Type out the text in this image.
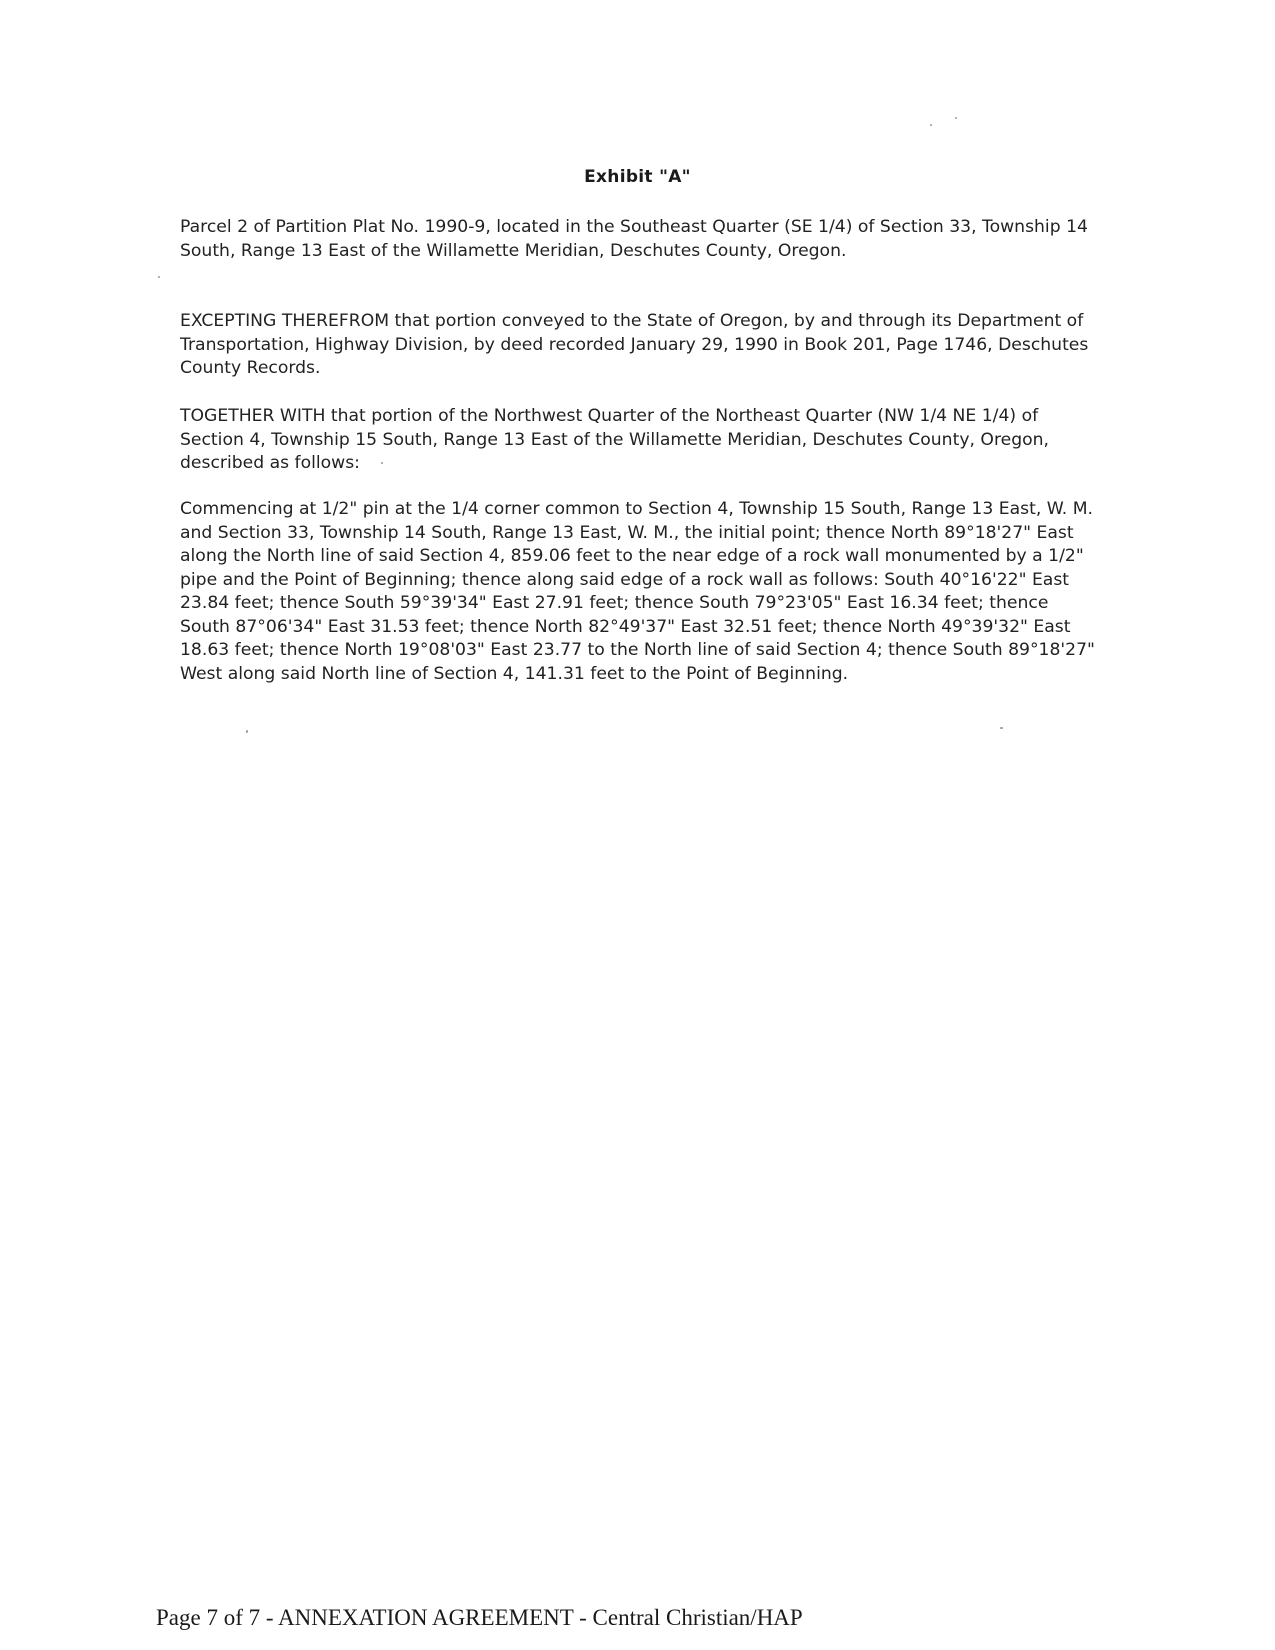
Exhibit "A"
Parcel 2 of Partition Plat No. 1990-9, located in the Southeast Quarter (SE 1/4) of Section 33, Township 14 South, Range 13 East of the Willamette Meridian, Deschutes County, Oregon.
EXCEPTING THEREFROM that portion conveyed to the State of Oregon, by and through its Department of Transportation, Highway Division, by deed recorded January 29, 1990 in Book 201, Page 1746, Deschutes County Records.
TOGETHER WITH that portion of the Northwest Quarter of the Northeast Quarter (NW 1/4 NE 1/4) of Section 4, Township 15 South, Range 13 East of the Willamette Meridian, Deschutes County, Oregon, described as follows:
Commencing at 1/2" pin at the 1/4 corner common to Section 4, Township 15 South, Range 13 East, W. M. and Section 33, Township 14 South, Range 13 East, W. M., the initial point; thence North 89°18'27" East along the North line of said Section 4, 859.06 feet to the near edge of a rock wall monumented by a 1/2" pipe and the Point of Beginning; thence along said edge of a rock wall as follows: South 40°16'22" East 23.84 feet; thence South 59°39'34" East 27.91 feet; thence South 79°23'05" East 16.34 feet; thence South 87°06'34" East 31.53 feet; thence North 82°49'37" East 32.51 feet; thence North 49°39'32" East 18.63 feet; thence North 19°08'03" East 23.77 to the North line of said Section 4; thence South 89°18'27" West along said North line of Section 4, 141.31 feet to the Point of Beginning.
Page 7 of 7 - ANNEXATION AGREEMENT - Central Christian/HAP
